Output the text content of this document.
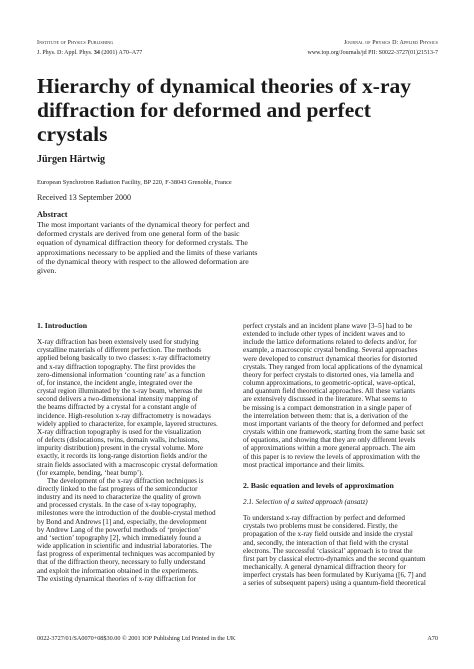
Institute of Physics Publishing	Journal of Physics D: Applied Physics
J. Phys. D: Appl. Phys. 34 (2001) A70–A77	www.iop.org/Journals/jd PII: S0022-3727(01)21513-7
Hierarchy of dynamical theories of x-ray
diffraction for deformed and perfect
crystals
Jürgen Härtwig
European Synchrotron Radiation Facility, BP 220, F-38043 Grenoble, France
Received 13 September 2000
Abstract
The most important variants of the dynamical theory for perfect and
deformed crystals are derived from one general form of the basic
equation of dynamical diffraction theory for deformed crystals. The
approximations necessary to be applied and the limits of these variants
of the dynamical theory with respect to the allowed deformation are
given.
1. Introduction
X-ray diffraction has been extensively used for studying
crystalline materials of different perfection. The methods
applied belong basically to two classes: x-ray diffractometry
and x-ray diffraction topography. The first provides the
zero-dimensional information ‘counting rate’ as a function
of, for instance, the incident angle, integrated over the
crystal region illuminated by the x-ray beam, whereas the
second delivers a two-dimensional intensity mapping of
the beams diffracted by a crystal for a constant angle of
incidence. High-resolution x-ray diffractometry is nowadays
widely applied to characterize, for example, layered structures.
X-ray diffraction topography is used for the visualization
of defects (dislocations, twins, domain walls, inclusions,
impurity distribution) present in the crystal volume. More
exactly, it records its long-range distortion fields and/or the
strain fields associated with a macroscopic crystal deformation
(for example, bending, ‘heat bump’).
The development of the x-ray diffraction techniques is
directly linked to the fast progress of the semiconductor
industry and its need to characterize the quality of grown
and processed crystals. In the case of x-ray topography,
milestones were the introduction of the double-crystal method
by Bond and Andrews [1] and, especially, the development
by Andrew Lang of the powerful methods of ‘projection’
and ‘section’ topography [2], which immediately found a
wide application in scientific and industrial laboratories. The
fast progress of experimental techniques was accompanied by
that of the diffraction theory, necessary to fully understand
and exploit the information obtained in the experiments.
The existing dynamical theories of x-ray diffraction for
perfect crystals and an incident plane wave [3–5] had to be
extended to include other types of incident waves and to
include the lattice deformations related to defects and/or, for
example, a macroscopic crystal bending. Several approaches
were developed to construct dynamical theories for distorted
crystals. They ranged from local applications of the dynamical
theory for perfect crystals to distorted ones, via lamella and
column approximations, to geometric-optical, wave-optical,
and quantum field theoretical approaches. All these variants
are extensively discussed in the literature. What seems to
be missing is a compact demonstration in a single paper of
the interrelation between them: that is, a derivation of the
most important variants of the theory for deformed and perfect
crystals within one framework, starting from the same basic set
of equations, and showing that they are only different levels
of approximations within a more general approach. The aim
of this paper is to review the levels of approximation with the
most practical importance and their limits.
2. Basic equation and levels of approximation
2.1. Selection of a suited approach (ansatz)
To understand x-ray diffraction by perfect and deformed
crystals two problems must be considered. Firstly, the
propagation of the x-ray field outside and inside the crystal
and, secondly, the interaction of that field with the crystal
electrons. The successful ‘classical’ approach is to treat the
first part by classical electro-dynamics and the second quantum
mechanically. A general dynamical diffraction theory for
imperfect crystals has been formulated by Kuriyama ([6, 7] and
a series of subsequent papers) using a quantum-field theoretical
0022-3727/01/SA0070+08$30.00 © 2001 IOP Publishing Ltd Printed in the UK	A70
